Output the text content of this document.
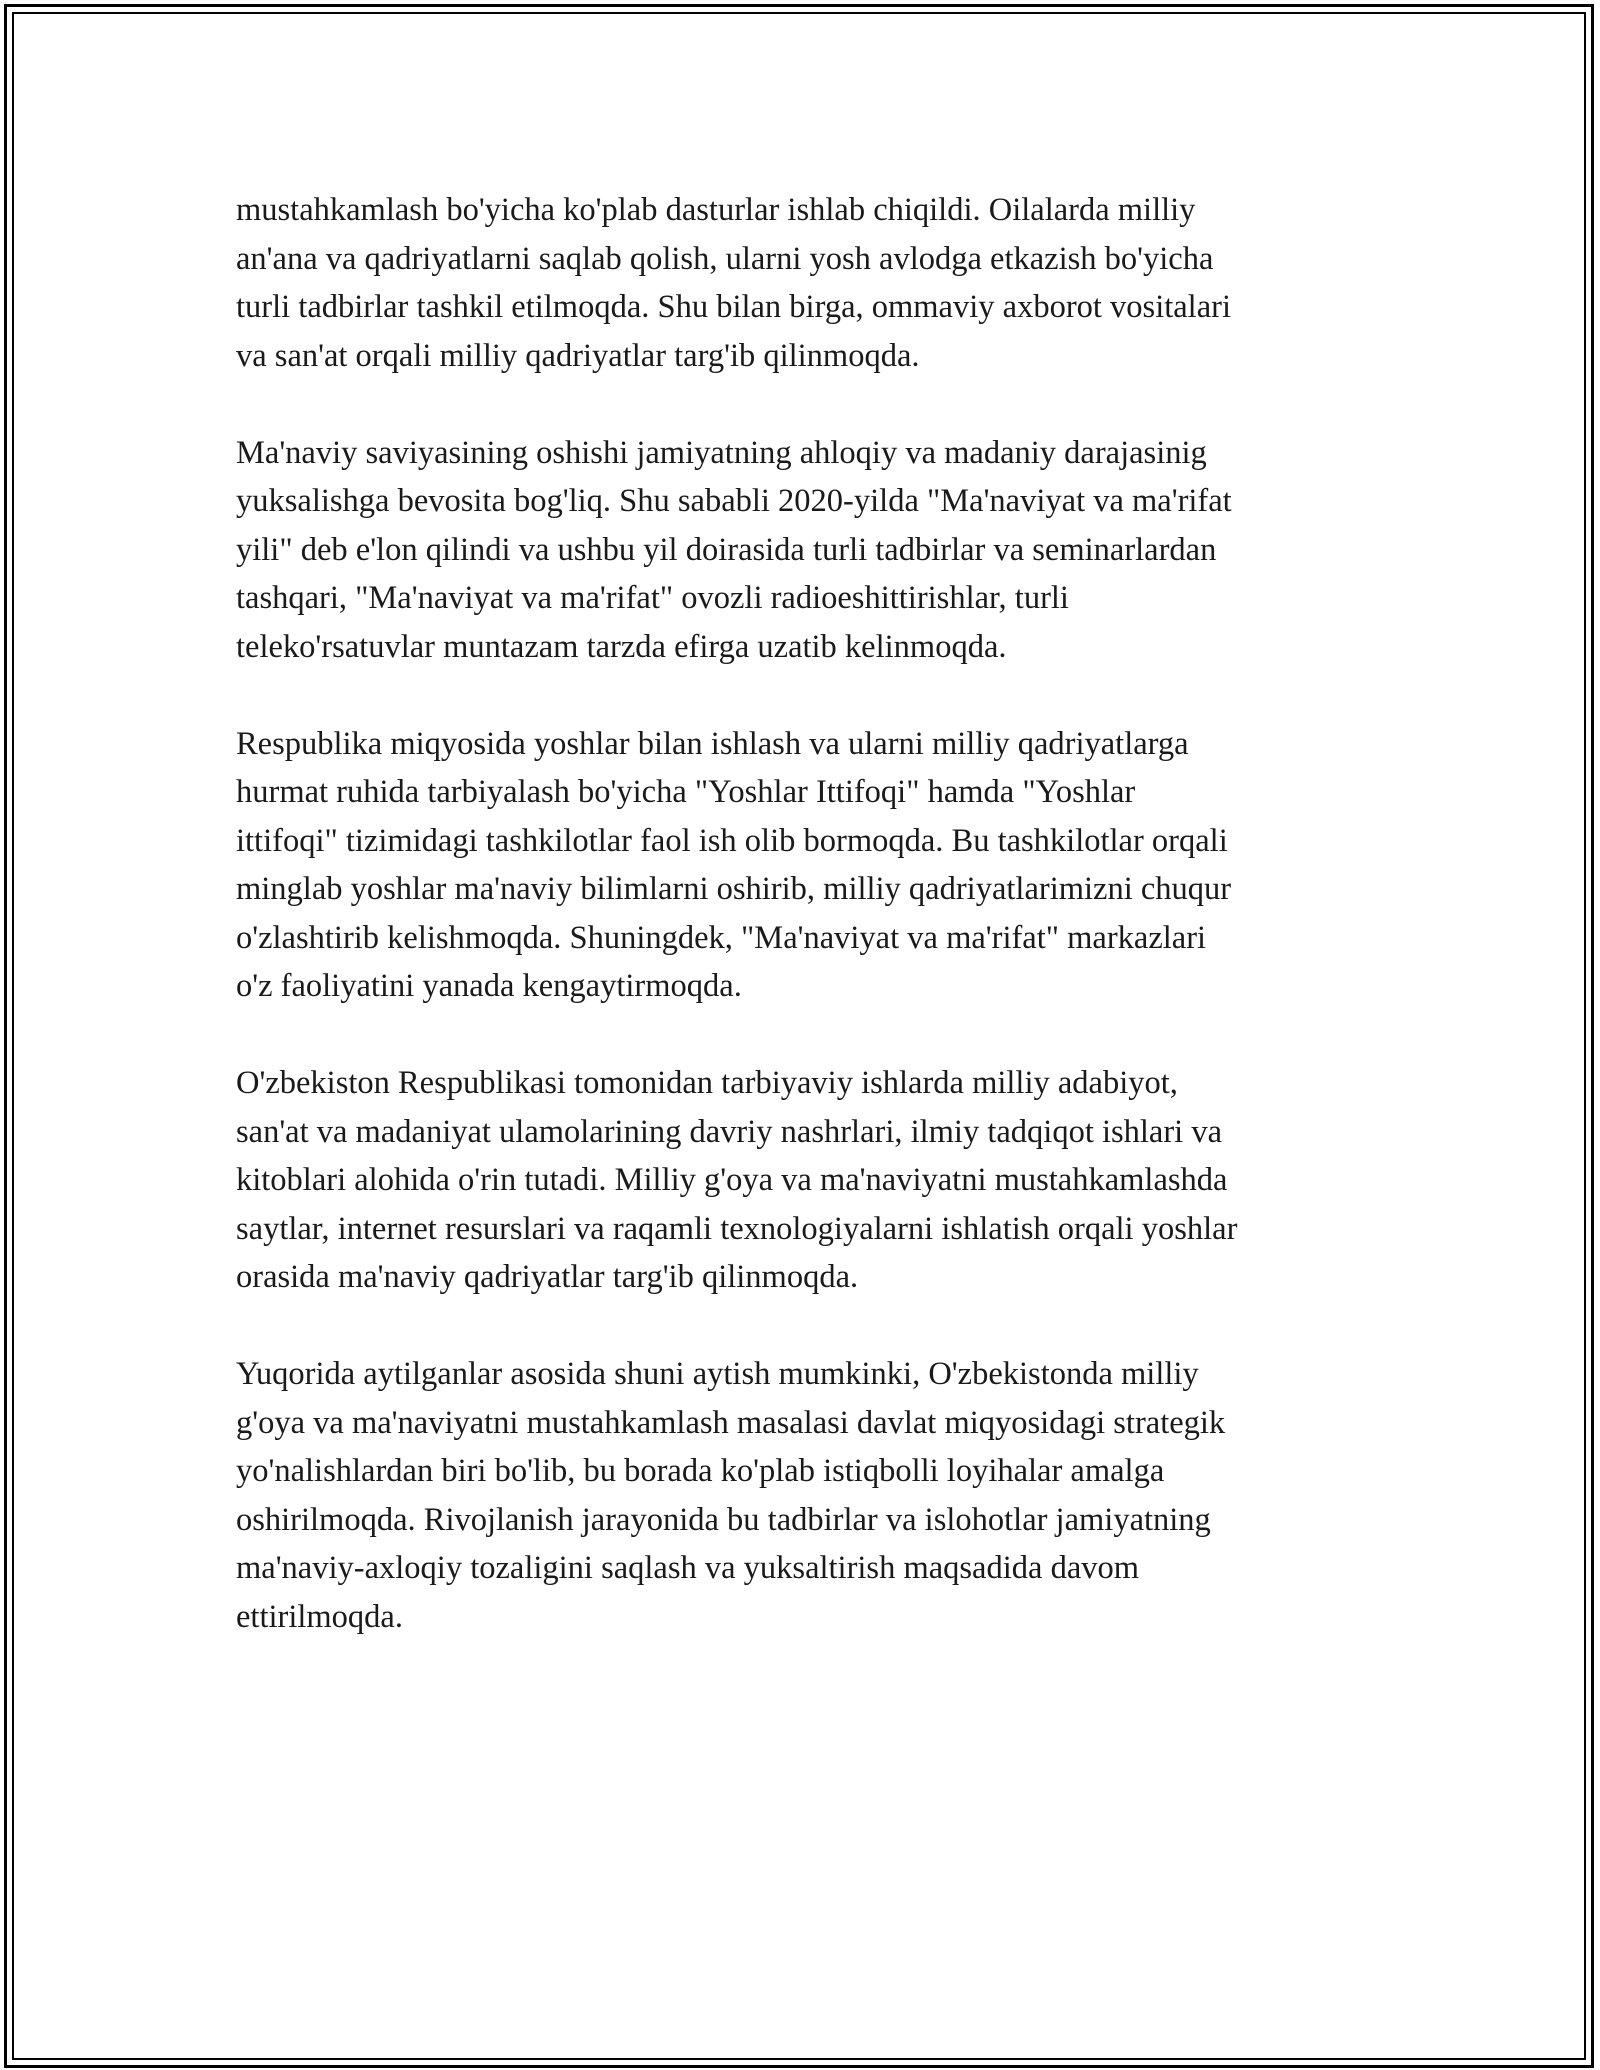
mustahkamlash bo'yicha ko'plab dasturlar ishlab chiqildi. Oilalarda milliy
an'ana va qadriyatlarni saqlab qolish, ularni yosh avlodga etkazish bo'yicha
turli tadbirlar tashkil etilmoqda. Shu bilan birga, ommaviy axborot vositalari
va san'at orqali milliy qadriyatlar targ'ib qilinmoqda.

Ma'naviy saviyasining oshishi jamiyatning ahloqiy va madaniy darajasinig
yuksalishga bevosita bog'liq. Shu sababli 2020-yilda "Ma'naviyat va ma'rifat
yili" deb e'lon qilindi va ushbu yil doirasida turli tadbirlar va seminarlardan
tashqari, "Ma'naviyat va ma'rifat" ovozli radioeshittirishlar, turli
teleko'rsatuvlar muntazam tarzda efirga uzatib kelinmoqda.

Respublika miqyosida yoshlar bilan ishlash va ularni milliy qadriyatlarga
hurmat ruhida tarbiyalash bo'yicha "Yoshlar Ittifoqi" hamda "Yoshlar
ittifoqi" tizimidagi tashkilotlar faol ish olib bormoqda. Bu tashkilotlar orqali
minglab yoshlar ma'naviy bilimlarni oshirib, milliy qadriyatlarimizni chuqur
o'zlashtirib kelishmoqda. Shuningdek, "Ma'naviyat va ma'rifat" markazlari
o'z faoliyatini yanada kengaytirmoqda.

O'zbekiston Respublikasi tomonidan tarbiyaviy ishlarda milliy adabiyot,
san'at va madaniyat ulamolarining davriy nashrlari, ilmiy tadqiqot ishlari va
kitoblari alohida o'rin tutadi. Milliy g'oya va ma'naviyatni mustahkamlashda
saytlar, internet resurslari va raqamli texnologiyalarni ishlatish orqali yoshlar
orasida ma'naviy qadriyatlar targ'ib qilinmoqda.

Yuqorida aytilganlar asosida shuni aytish mumkinki, O'zbekistonda milliy
g'oya va ma'naviyatni mustahkamlash masalasi davlat miqyosidagi strategik
yo'nalishlardan biri bo'lib, bu borada ko'plab istiqbolli loyihalar amalga
oshirilmoqda. Rivojlanish jarayonida bu tadbirlar va islohotlar jamiyatning
ma'naviy-axloqiy tozaligini saqlash va yuksaltirish maqsadida davom
ettirilmoqda.
